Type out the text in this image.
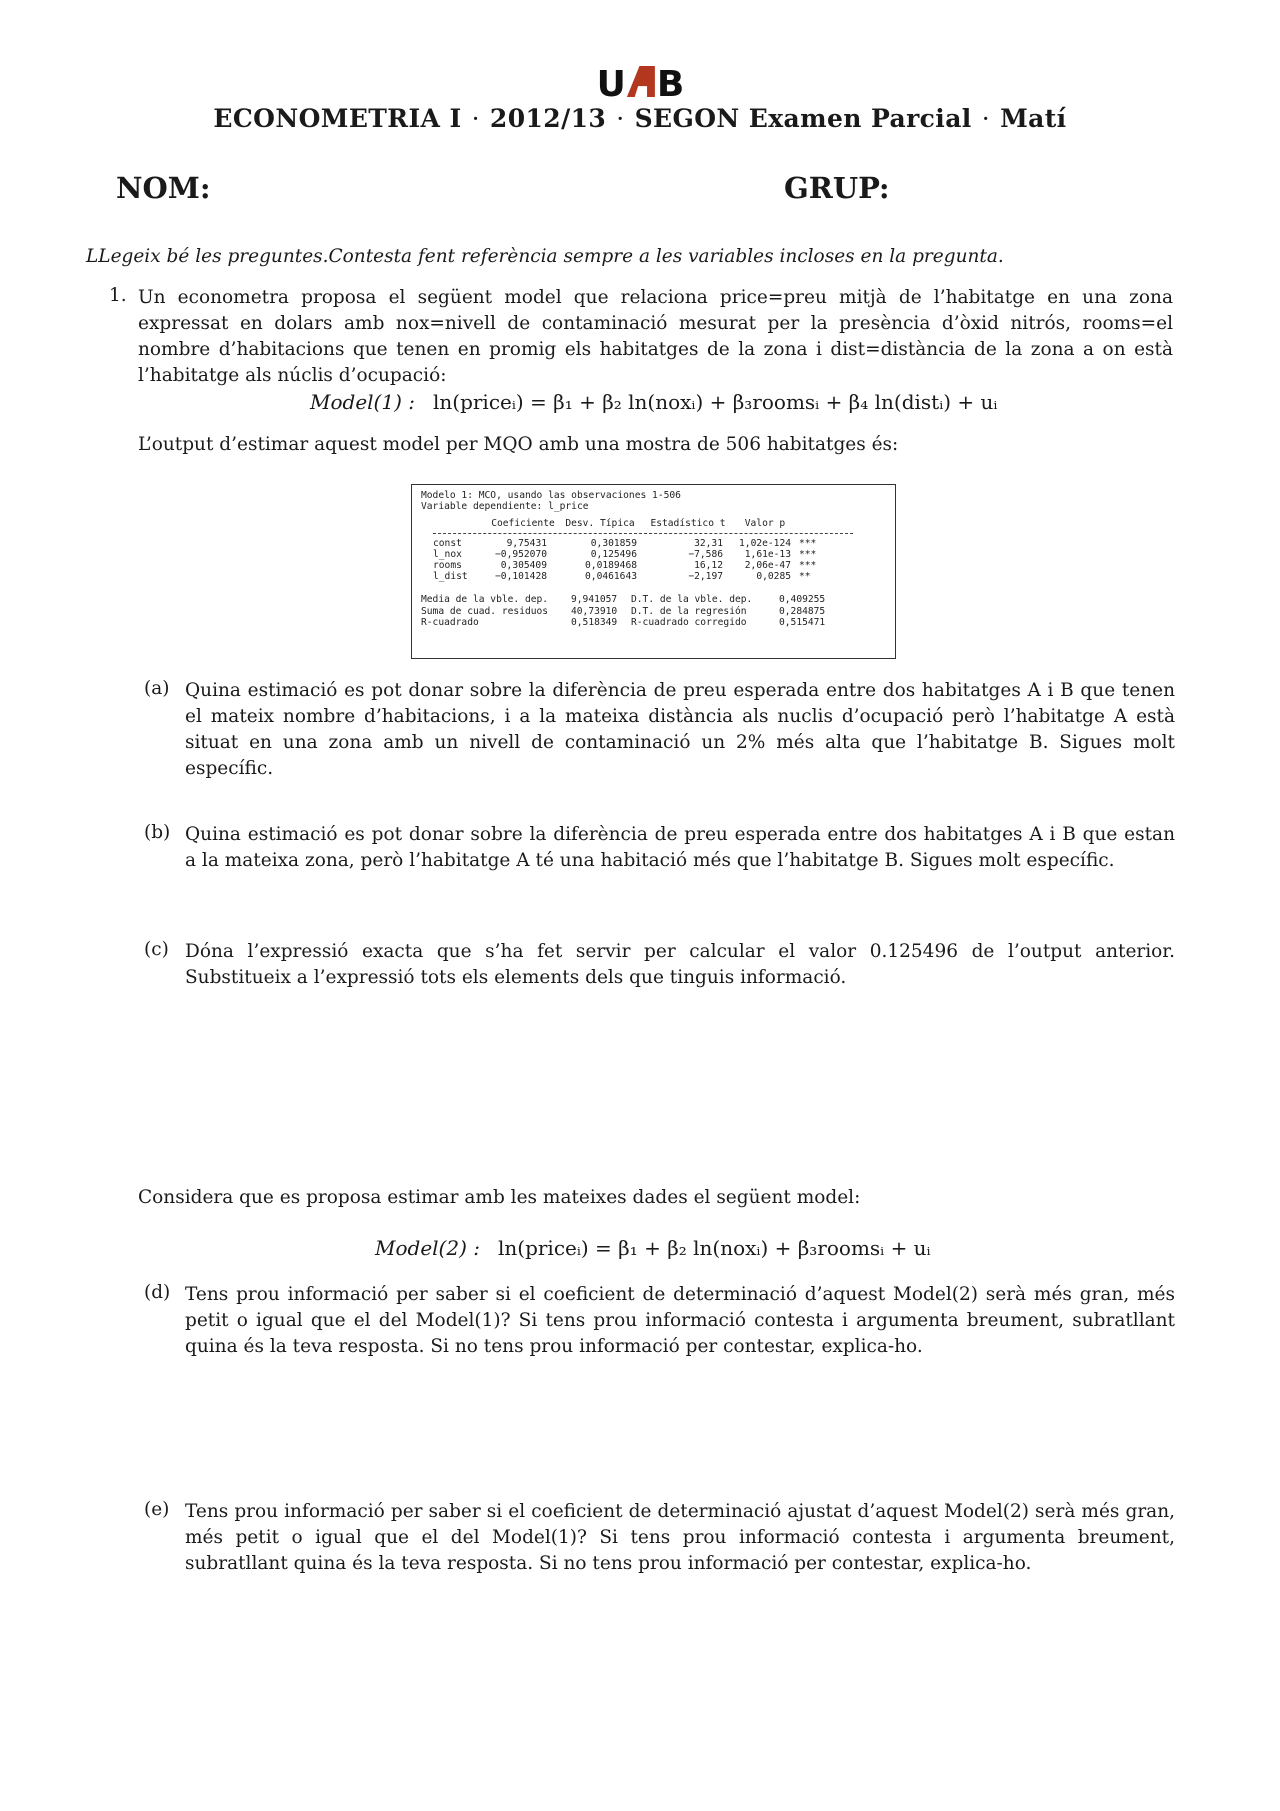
U B
ECONOMETRIA I · 2012/13 · SEGON Examen Parcial · Matí
NOM:	GRUP:
LLegeix bé les preguntes.Contesta fent referència sempre a les variables incloses en la pregunta.
1. Un econometra proposa el següent model que relaciona price=preu mitjà de l’habitatge en una zona expressat en dolars amb nox=nivell de contaminació mesurat per la presència d’òxid nitrós, rooms=el nombre d’habitacions que tenen en promig els habitatges de la zona i dist=distància de la zona a on està l’habitatge als núclis d’ocupació:
Model(1) : ln(priceᵢ) = β₁ + β₂ ln(noxᵢ) + β₃roomsᵢ + β₄ ln(distᵢ) + uᵢ
L’output d’estimar aquest model per MQO amb una mostra de 506 habitatges és:
Modelo 1: MCO, usando las observaciones 1-506
Variable dependiente: l_price
Coeficiente	Desv. Típica	Estadístico t	Valor p
const	9,75431	0,301859	32,31	1,02e-124 ***
l_nox	−0,952070	0,125496	−7,586	1,61e-13 ***
rooms	0,305409	0,0189468	16,12	2,06e-47 ***
l_dist	−0,101428	0,0461643	−2,197	0,0285 **
Media de la vble. dep.	9,941057	D.T. de la vble. dep.	0,409255
Suma de cuad. residuos	40,73910	D.T. de la regresión	0,284875
R-cuadrado	0,518349	R-cuadrado corregido	0,515471
(a) Quina estimació es pot donar sobre la diferència de preu esperada entre dos habitatges A i B que tenen el mateix nombre d’habitacions, i a la mateixa distància als nuclis d’ocupació però l’habitatge A està situat en una zona amb un nivell de contaminació un 2% més alta que l’habitatge B. Sigues molt específic.
(b) Quina estimació es pot donar sobre la diferència de preu esperada entre dos habitatges A i B que estan a la mateixa zona, però l’habitatge A té una habitació més que l’habitatge B. Sigues molt específic.
(c) Dóna l’expressió exacta que s’ha fet servir per calcular el valor 0.125496 de l’output anterior. Substitueix a l’expressió tots els elements dels que tinguis informació.
Considera que es proposa estimar amb les mateixes dades el següent model:
Model(2) : ln(priceᵢ) = β₁ + β₂ ln(noxᵢ) + β₃roomsᵢ + uᵢ
(d) Tens prou informació per saber si el coeficient de determinació d’aquest Model(2) serà més gran, més petit o igual que el del Model(1)? Si tens prou informació contesta i argumenta breument, subratllant quina és la teva resposta. Si no tens prou informació per contestar, explica-ho.
(e) Tens prou informació per saber si el coeficient de determinació ajustat d’aquest Model(2) serà més gran, més petit o igual que el del Model(1)? Si tens prou informació contesta i argumenta breument, subratllant quina és la teva resposta. Si no tens prou informació per contestar, explica-ho.
